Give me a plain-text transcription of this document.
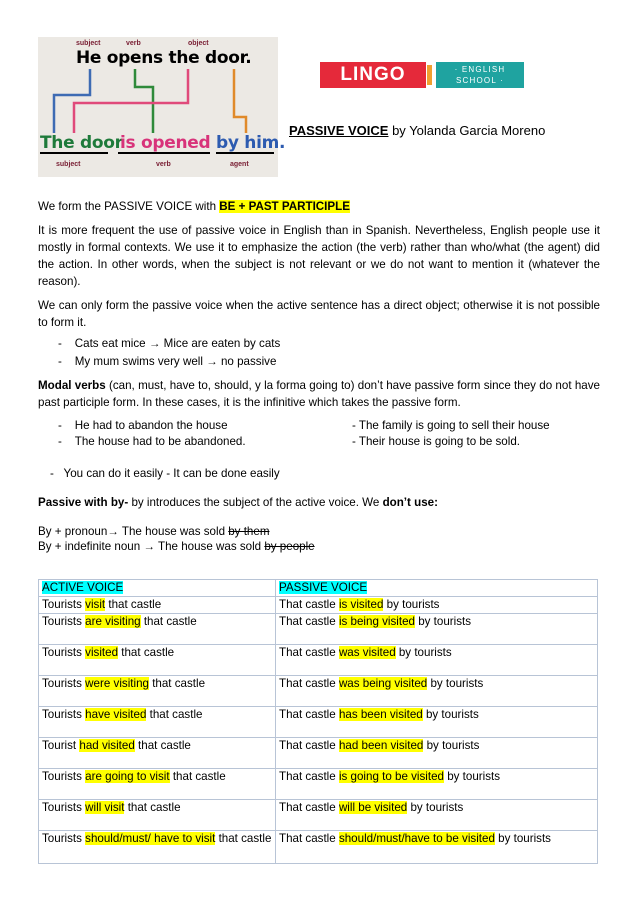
subject	verb	object
He opens the door.
The door
is opened by him.
subject	verb	agent
LINGO	· ENGLISH
SCHOOL ·
PASSIVE VOICE by Yolanda Garcia Moreno
We form the PASSIVE VOICE with BE + PAST PARTICIPLE
It is more frequent the use of passive voice in English than in Spanish. Nevertheless, English people use it mostly in formal contexts. We use it to emphasize the action (the verb) rather than who/what (the agent) did the action. In other words, when the subject is not relevant or we do not want to mention it (whatever the reason).
We can only form the passive voice when the active sentence has a direct object; otherwise it is not possible to form it.
-    Cats eat mice → Mice are eaten by cats
-    My mum swims very well → no passive
Modal verbs (can, must, have to, should, y la forma going to) don’t have passive form since they do not have past participle form. In these cases, it is the infinitive which takes the passive form.
-    He had to abandon the house
-    The house had to be abandoned.
- The family is going to sell their house
- Their house is going to be sold.
-   You can do it easily - It can be done easily
Passive with by- by introduces the subject of the active voice. We don’t use:
By + pronoun→ The house was sold by them
By + indefinite noun → The house was sold by people
ACTIVE VOICE	PASSIVE VOICE
Tourists visit that castle	That castle is visited by tourists
Tourists are visiting that castle	That castle is being visited by tourists
Tourists visited that castle	That castle was visited by tourists
Tourists were visiting that castle	That castle was being visited by tourists
Tourists have visited that castle	That castle has been visited by tourists
Tourist had visited that castle	That castle had been visited by tourists
Tourists are going to visit that castle	That castle is going to be visited by tourists
Tourists will visit that castle	That castle will be visited by tourists
Tourists should/must/ have to visit that castle	That castle should/must/have to be visited by tourists
